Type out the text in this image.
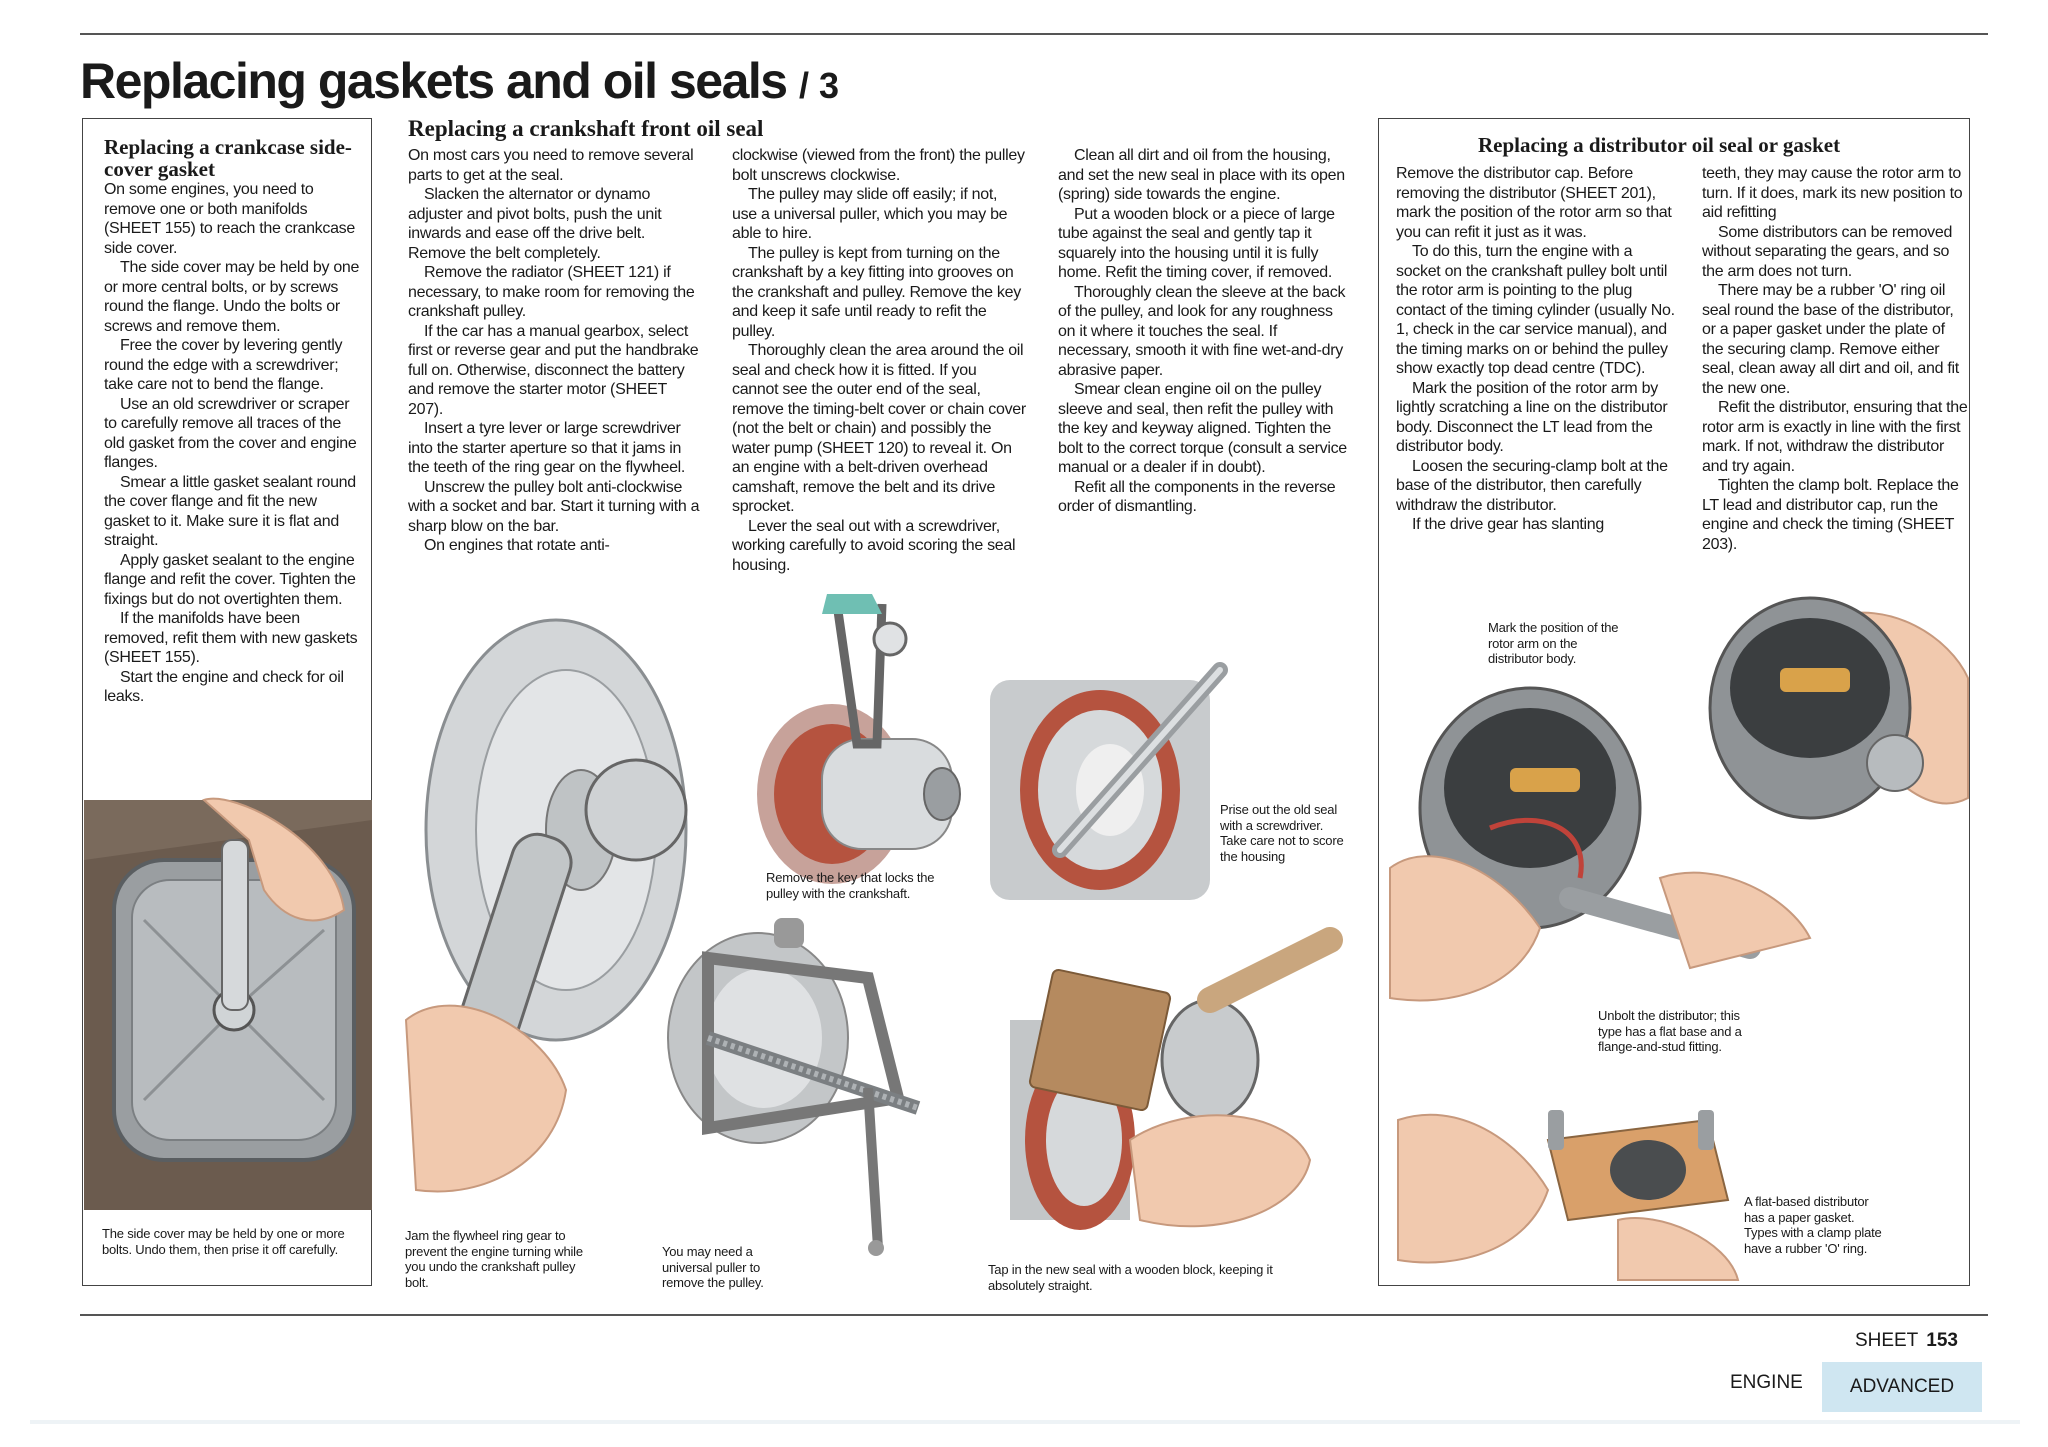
Replacing gaskets and oil seals / 3
Replacing a crankcase side-cover gasket

On some engines, you need to remove one or both manifolds (SHEET 155) to reach the crankcase side cover.

The side cover may be held by one or more central bolts, or by screws round the flange. Undo the bolts or screws and remove them.

Free the cover by levering gently round the edge with a screwdriver; take care not to bend the flange.

Use an old screwdriver or scraper to carefully remove all traces of the old gasket from the cover and engine flanges.

Smear a little gasket sealant round the cover flange and fit the new gasket to it. Make sure it is flat and straight.

Apply gasket sealant to the engine flange and refit the cover. Tighten the fixings but do not overtighten them.

If the manifolds have been removed, refit them with new gaskets (SHEET 155).

Start the engine and check for oil leaks.

The side cover may be held by one or more bolts. Undo them, then prise it off carefully.
Replacing a crankshaft front oil seal

On most cars you need to remove several parts to get at the seal.

Slacken the alternator or dynamo adjuster and pivot bolts, push the unit inwards and ease off the drive belt. Remove the belt completely.

Remove the radiator (SHEET 121) if necessary, to make room for removing the crankshaft pulley.

If the car has a manual gearbox, select first or reverse gear and put the handbrake full on. Otherwise, disconnect the battery and remove the starter motor (SHEET 207).

Insert a tyre lever or large screwdriver into the starter aperture so that it jams in the teeth of the ring gear on the flywheel.

Unscrew the pulley bolt anti-clockwise with a socket and bar. Start it turning with a sharp blow on the bar.

On engines that rotate anti-

clockwise (viewed from the front) the pulley bolt unscrews clockwise.

The pulley may slide off easily; if not, use a universal puller, which you may be able to hire.

The pulley is kept from turning on the crankshaft by a key fitting into grooves on the crankshaft and pulley. Remove the key and keep it safe until ready to refit the pulley.

Thoroughly clean the area around the oil seal and check how it is fitted. If you cannot see the outer end of the seal, remove the timing-belt cover or chain cover (not the belt or chain) and possibly the water pump (SHEET 120) to reveal it. On an engine with a belt-driven overhead camshaft, remove the belt and its drive sprocket.

Lever the seal out with a screwdriver, working carefully to avoid scoring the seal housing.

Clean all dirt and oil from the housing, and set the new seal in place with its open (spring) side towards the engine.

Put a wooden block or a piece of large tube against the seal and gently tap it squarely into the housing until it is fully home. Refit the timing cover, if removed.

Thoroughly clean the sleeve at the back of the pulley, and look for any roughness on it where it touches the seal. If necessary, smooth it with fine wet-and-dry abrasive paper.

Smear clean engine oil on the pulley sleeve and seal, then refit the pulley with the key and keyway aligned. Tighten the bolt to the correct torque (consult a service manual or a dealer if in doubt).

Refit all the components in the reverse order of dismantling.

Jam the flywheel ring gear to prevent the engine turning while you undo the crankshaft pulley bolt.
Remove the key that locks the pulley with the crankshaft.
Prise out the old seal with a screwdriver. Take care not to score the housing
You may need a universal puller to remove the pulley.
Tap in the new seal with a wooden block, keeping it absolutely straight.
Replacing a distributor oil seal or gasket

Remove the distributor cap. Before removing the distributor (SHEET 201), mark the position of the rotor arm so that you can refit it just as it was.

To do this, turn the engine with a socket on the crankshaft pulley bolt until the rotor arm is pointing to the plug contact of the timing cylinder (usually No. 1, check in the car service manual), and the timing marks on or behind the pulley show exactly top dead centre (TDC).

Mark the position of the rotor arm by lightly scratching a line on the distributor body. Disconnect the LT lead from the distributor body.

Loosen the securing-clamp bolt at the base of the distributor, then carefully withdraw the distributor.

If the drive gear has slanting

teeth, they may cause the rotor arm to turn. If it does, mark its new position to aid refitting

Some distributors can be removed without separating the gears, and so the arm does not turn.

There may be a rubber 'O' ring oil seal round the base of the distributor, or a paper gasket under the plate of the securing clamp. Remove either seal, clean away all dirt and oil, and fit the new one.

Refit the distributor, ensuring that the rotor arm is exactly in line with the first mark. If not, withdraw the distributor and try again.

Tighten the clamp bolt. Replace the LT lead and distributor cap, run the engine and check the timing (SHEET 203).

Mark the position of the rotor arm on the distributor body.
Unbolt the distributor; this type has a flat base and a flange-and-stud fitting.
A flat-based distributor has a paper gasket. Types with a clamp plate have a rubber 'O' ring.
SHEET 153
ENGINE	ADVANCED
